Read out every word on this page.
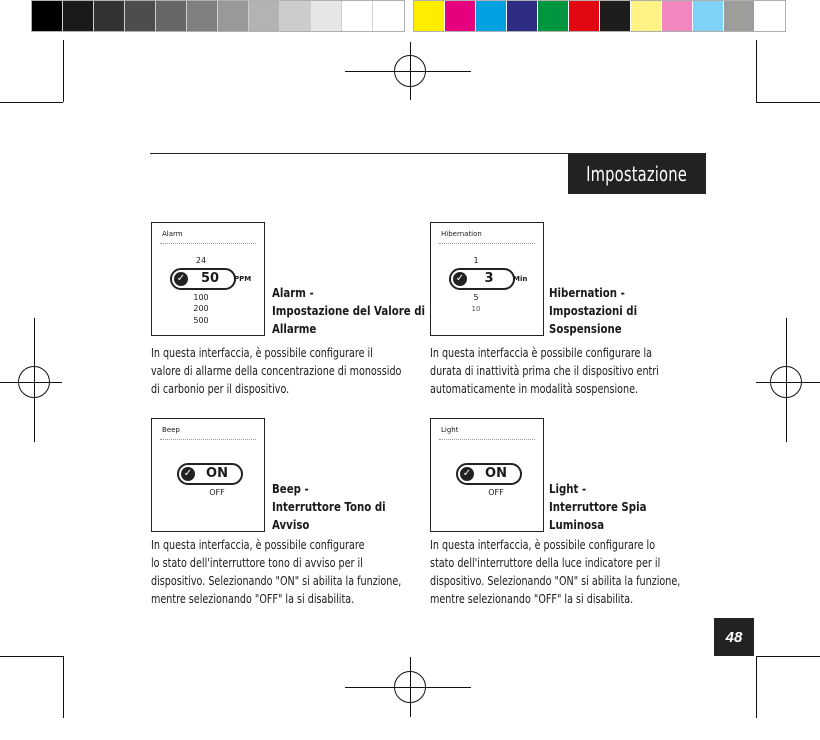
Impostazione
Alarm
24
✓	50	PPM
100
200
500
Alarm -
Impostazione del Valore di
Allarme
In questa interfaccia, è possibile configurare il
valore di allarme della concentrazione di monossido
di carbonio per il dispositivo.
Hibernation
1
✓	3	Min
5
10
Hibernation -
Impostazioni di
Sospensione
In questa interfaccia è possibile configurare la
durata di inattività prima che il dispositivo entri
automaticamente in modalità sospensione.
Beep
✓	ON
OFF	Beep -
Interruttore Tono di
Avviso
In questa interfaccia, è possibile configurare
lo stato dell'interruttore tono di avviso per il
dispositivo. Selezionando "ON" si abilita la funzione,
mentre selezionando "OFF" la si disabilita.
Light
✓	ON
OFF	Light -
Interruttore Spia
Luminosa
In questa interfaccia, è possibile configurare lo
stato dell'interruttore della luce indicatore per il
dispositivo. Selezionando "ON" si abilita la funzione,
mentre selezionando "OFF" la si disabilita.
48
